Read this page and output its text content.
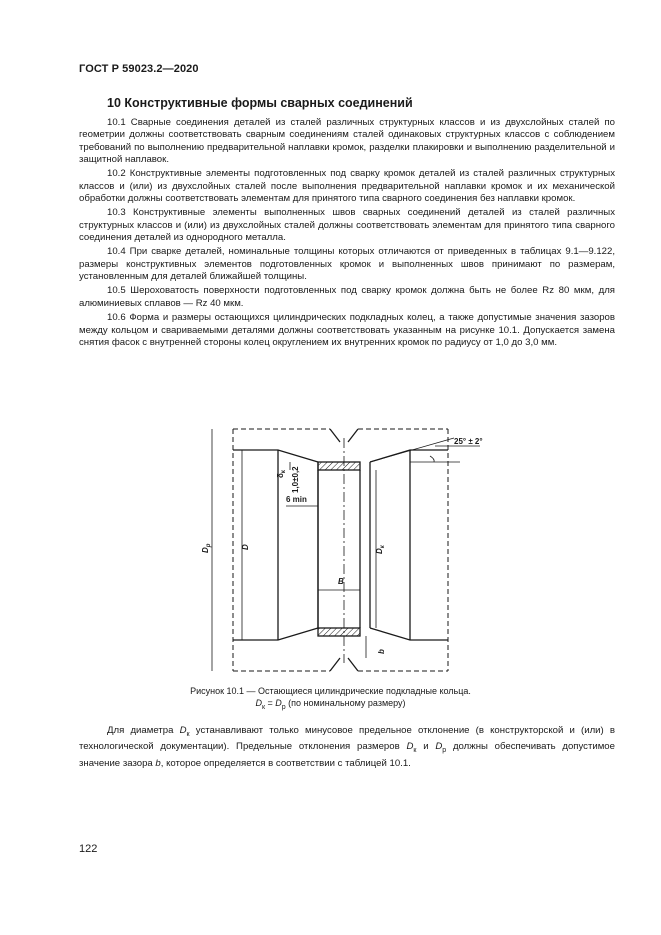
ГОСТ Р 59023.2—2020
10 Конструктивные формы сварных соединений

10.1 Сварные соединения деталей из сталей различных структурных классов и из двухслойных сталей по геометрии должны соответствовать сварным соединениям сталей одинаковых структурных классов с соблюдением требований по выполнению предварительной наплавки кромок, разделки плакировки и выполнению разделительной и защитной наплавок.

10.2 Конструктивные элементы подготовленных под сварку кромок деталей из сталей различных структурных классов и (или) из двухслойных сталей после выполнения предварительной наплавки кромок и их механической обработки должны соответствовать элементам для принятого типа сварного соединения без наплавки кромок.

10.3 Конструктивные элементы выполненных швов сварных соединений деталей из сталей различных структурных классов и (или) из двухслойных сталей должны соответствовать элементам для принятого типа сварного соединения деталей из однородного металла.

10.4 При сварке деталей, номинальные толщины которых отличаются от приведенных в таблицах 9.1—9.122, размеры конструктивных элементов подготовленных кромок и выполненных швов принимают по размерам, установленным для деталей ближайшей толщины.

10.5 Шероховатость поверхности подготовленных под сварку кромок должна быть не более Rz 80 мкм, для алюминиевых сплавов — Rz 40 мкм.

10.6 Форма и размеры остающихся цилиндрических подкладных колец, а также допустимые значения зазоров между кольцом и свариваемыми деталями должны соответствовать указанным на рисунке 10.1. Допускается замена снятия фасок с внутренней стороны колец округлением их внутренних кромок по радиусу от 1,0 до 3,0 мм.

25° ± 2°
$\delta_к$ 1,0±0,2
6 min
B
$D_р$	D
$D_к$
b
Рисунок 10.1 — Остающиеся цилиндрические подкладные кольца.
$D_к = D_р$ (по номинальному размеру)

Для диаметра $D_к$ устанавливают только минусовое предельное отклонение (в конструкторской и (или) в технологической документации). Предельные отклонения размеров $D_к$ и $D_р$ должны обеспечивать допустимое значение зазора b, которое определяется в соответствии с таблицей 10.1.

122
